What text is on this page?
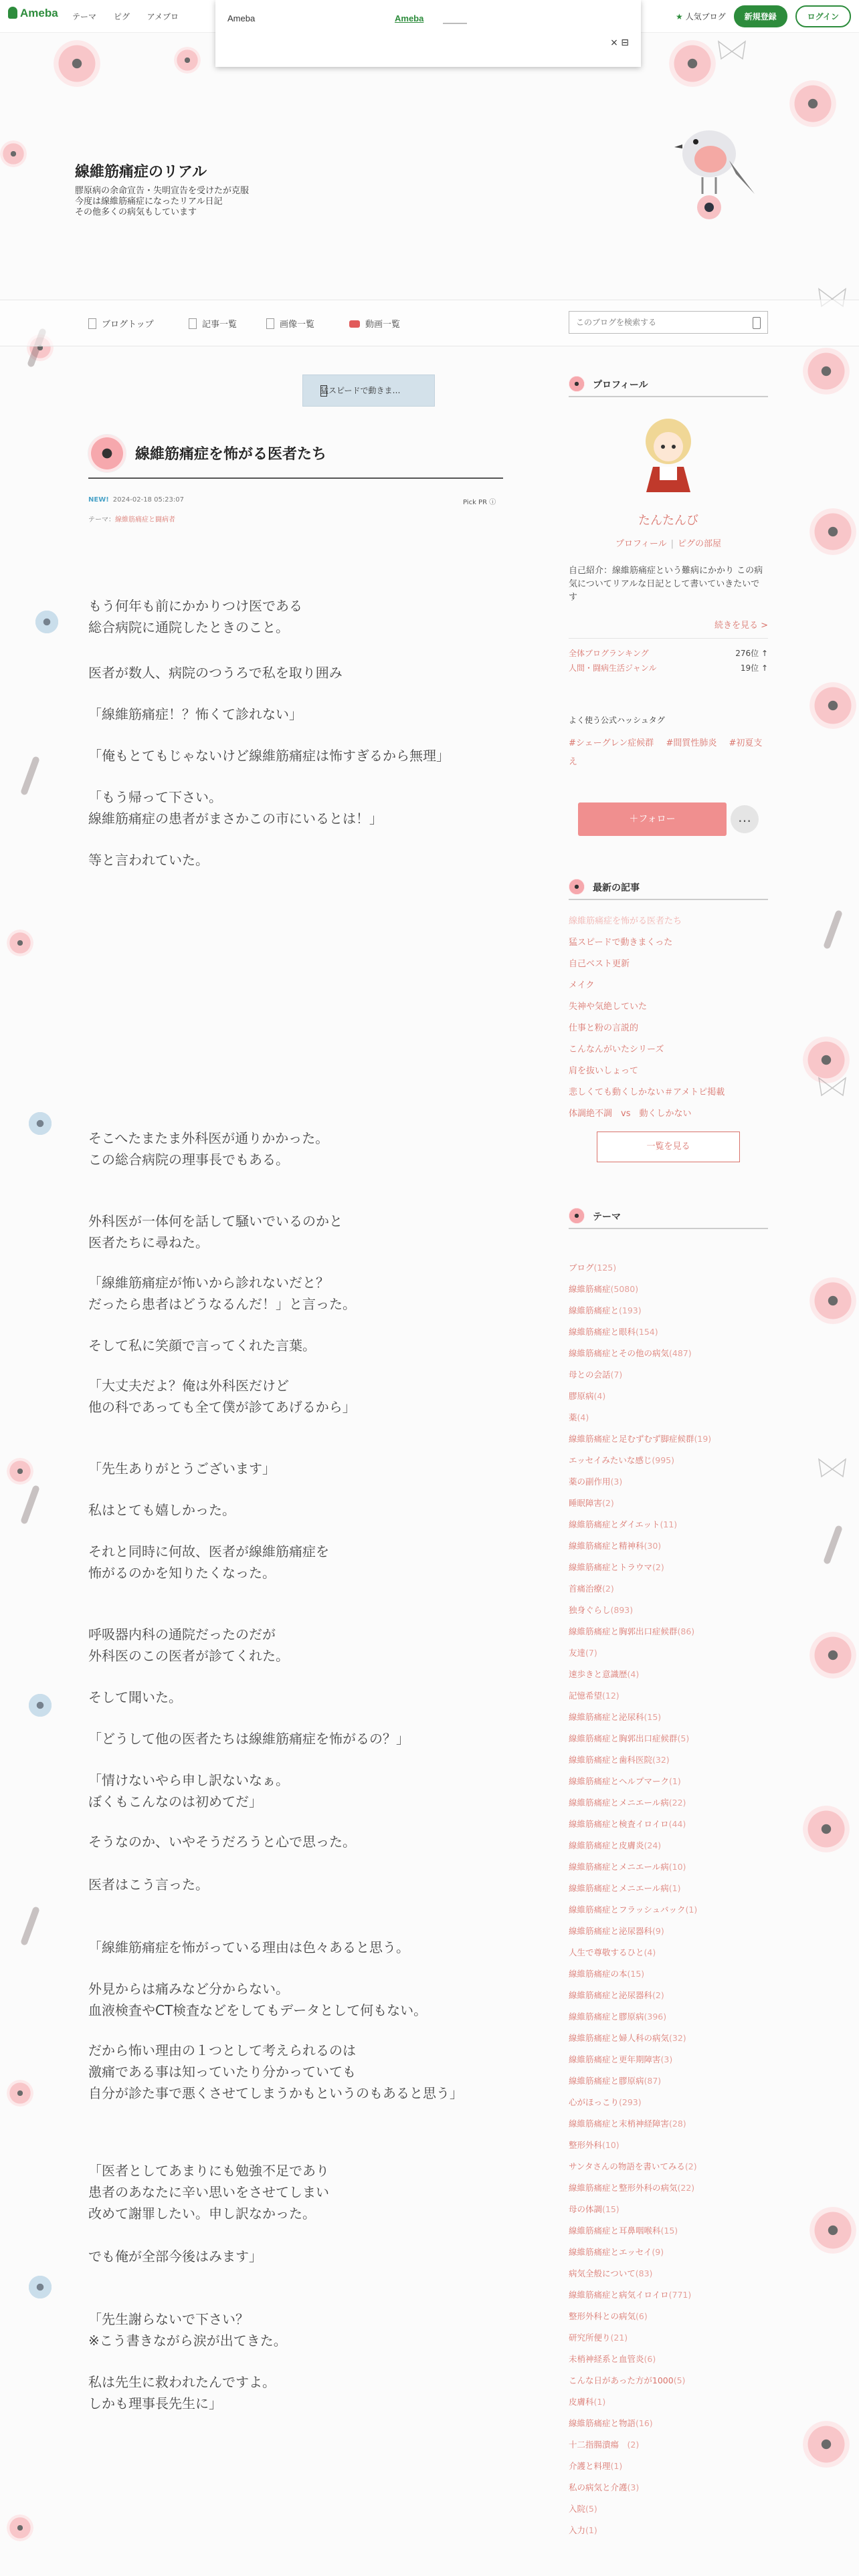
Ameba テーマ ピグ アメブロ	★ 人気ブログ	新規登録	ログイン
Ameba	Ameba
× ⊟
線維筋痛症のリアル
膠原病の余命宣告・失明宣告を受けたが克服
今度は線維筋痛症になったリアル日記
その他多くの病気もしています
ブログトップ	記事一覧	画像一覧	動画一覧
このブログを検索する
猛スピードで動きま…
線維筋痛症を怖がる医者たち
NEW! 2024-02-18 05:23:07	Pick PR ⓘ
テーマ：線維筋痛症と闘病者
もう何年も前にかかりつけ医である
総合病院に通院したときのこと。
医者が数人、病院のつうろで私を取り囲み
「線維筋痛症！？怖くて診れない」
「俺もとてもじゃないけど線維筋痛症は怖すぎるから無理」
「もう帰って下さい。
線維筋痛症の患者がまさかこの市にいるとは！」
等と言われていた。
そこへたまたま外科医が通りかかった。
この総合病院の理事長でもある。
外科医が一体何を話して騒いでいるのかと
医者たちに尋ねた。
「線維筋痛症が怖いから診れないだと？
だったら患者はどうなるんだ！」と言った。
そして私に笑顔で言ってくれた言葉。
「大丈夫だよ？俺は外科医だけど
他の科であっても全て僕が診てあげるから」
「先生ありがとうございます」
私はとても嬉しかった。
それと同時に何故、医者が線維筋痛症を
怖がるのかを知りたくなった。
呼吸器内科の通院だったのだが
外科医のこの医者が診てくれた。
そして聞いた。
「どうして他の医者たちは線維筋痛症を怖がるの？」
「情けないやら申し訳ないなぁ。
ぼくもこんなのは初めてだ」
そうなのか、いやそうだろうと心で思った。
医者はこう言った。
「線維筋痛症を怖がっている理由は色々あると思う。
外見からは痛みなど分からない。
血液検査やCT検査などをしてもデータとして何もない。
だから怖い理由の１つとして考えられるのは
激痛である事は知っていたり分かっていても
自分が診た事で悪くさせてしまうかもというのもあると思う」
「医者としてあまりにも勉強不足であり
患者のあなたに辛い思いをさせてしまい
改めて謝罪したい。申し訳なかった。
でも俺が全部今後はみます」
「先生謝らないで下さい？
※こう書きながら涙が出てきた。
私は先生に救われたんですよ。
しかも理事長先生に」
プロフィール
たんたんび
プロフィール | ピグの部屋
自己紹介：線維筋痛症という難病にかかり この病気についてリアルな日記として書いていきたいです
続きを見る >
全体ブログランキング	276位 ↑
人間・闘病生活ジャンル	19位 ↑
よく使う公式ハッシュタグ
#シェーグレン症候群 #間質性肺炎 #初夏支え
＋フォロー	…
最新の記事
線維筋痛症を怖がる医者たち
猛スピードで動きまくった
自己ベスト更新
メイク
失神や気絶していた
仕事と粉の言説的
こんなんがいたシリーズ
肩を抜いしょって
悲しくても動くしかない＃アメトピ掲載
体調絶不調　vs　動くしかない
一覧を見る
テーマ
ブログ(125)
線維筋痛症(5080)
線維筋痛症と(193)
線維筋痛症と眼科(154)
線維筋痛症とその他の病気(487)
母との会話(7)
膠原病(4)
薬(4)
線維筋痛症と足むずむず脚症候群(19)
エッセイみたいな感じ(995)
薬の副作用(3)
睡眠障害(2)
線維筋痛症とダイエット(11)
線維筋痛症と精神科(30)
線維筋痛症とトラウマ(2)
首痛治療(2)
独身ぐらし(893)
線維筋痛症と胸郭出口症候群(86)
友達(7)
速歩きと意識歴(4)
記憶希望(12)
線維筋痛症と泌尿科(15)
線維筋痛症と胸郭出口症候群(5)
線維筋痛症と歯科医院(32)
線維筋痛症とヘルプマーク(1)
線維筋痛症とメニエール病(22)
線維筋痛症と検査イロイロ(44)
線維筋痛症と皮膚炎(24)
線維筋痛症とメニエール病(10)
線維筋痛症とメニエール病(1)
線維筋痛症とフラッシュバック(1)
線維筋痛症と泌尿器科(9)
人生で尊敬するひと(4)
線維筋痛症の本(15)
線維筋痛症と泌尿器科(2)
線維筋痛症と膠原病(396)
線維筋痛症と婦人科の病気(32)
線維筋痛症と更年期障害(3)
線維筋痛症と膠原病(87)
心がほっこり(293)
線維筋痛症と末梢神経障害(28)
整形外科(10)
サンタさんの物語を書いてみる(2)
線維筋痛症と整形外科の病気(22)
母の体調(15)
線維筋痛症と耳鼻咽喉科(15)
線維筋痛症とエッセイ(9)
病気全般について(83)
線維筋痛症と病気イロイロ(771)
整形外科との病気(6)
研究所便り(21)
未梢神経系と血管炎(6)
こんな日があった方が1000(5)
皮膚科(1)
線維筋痛症と物語(16)
十二指腸潰瘍　(2)
介護と料理(1)
私の病気と介護(3)
入院(5)
入力(1)
